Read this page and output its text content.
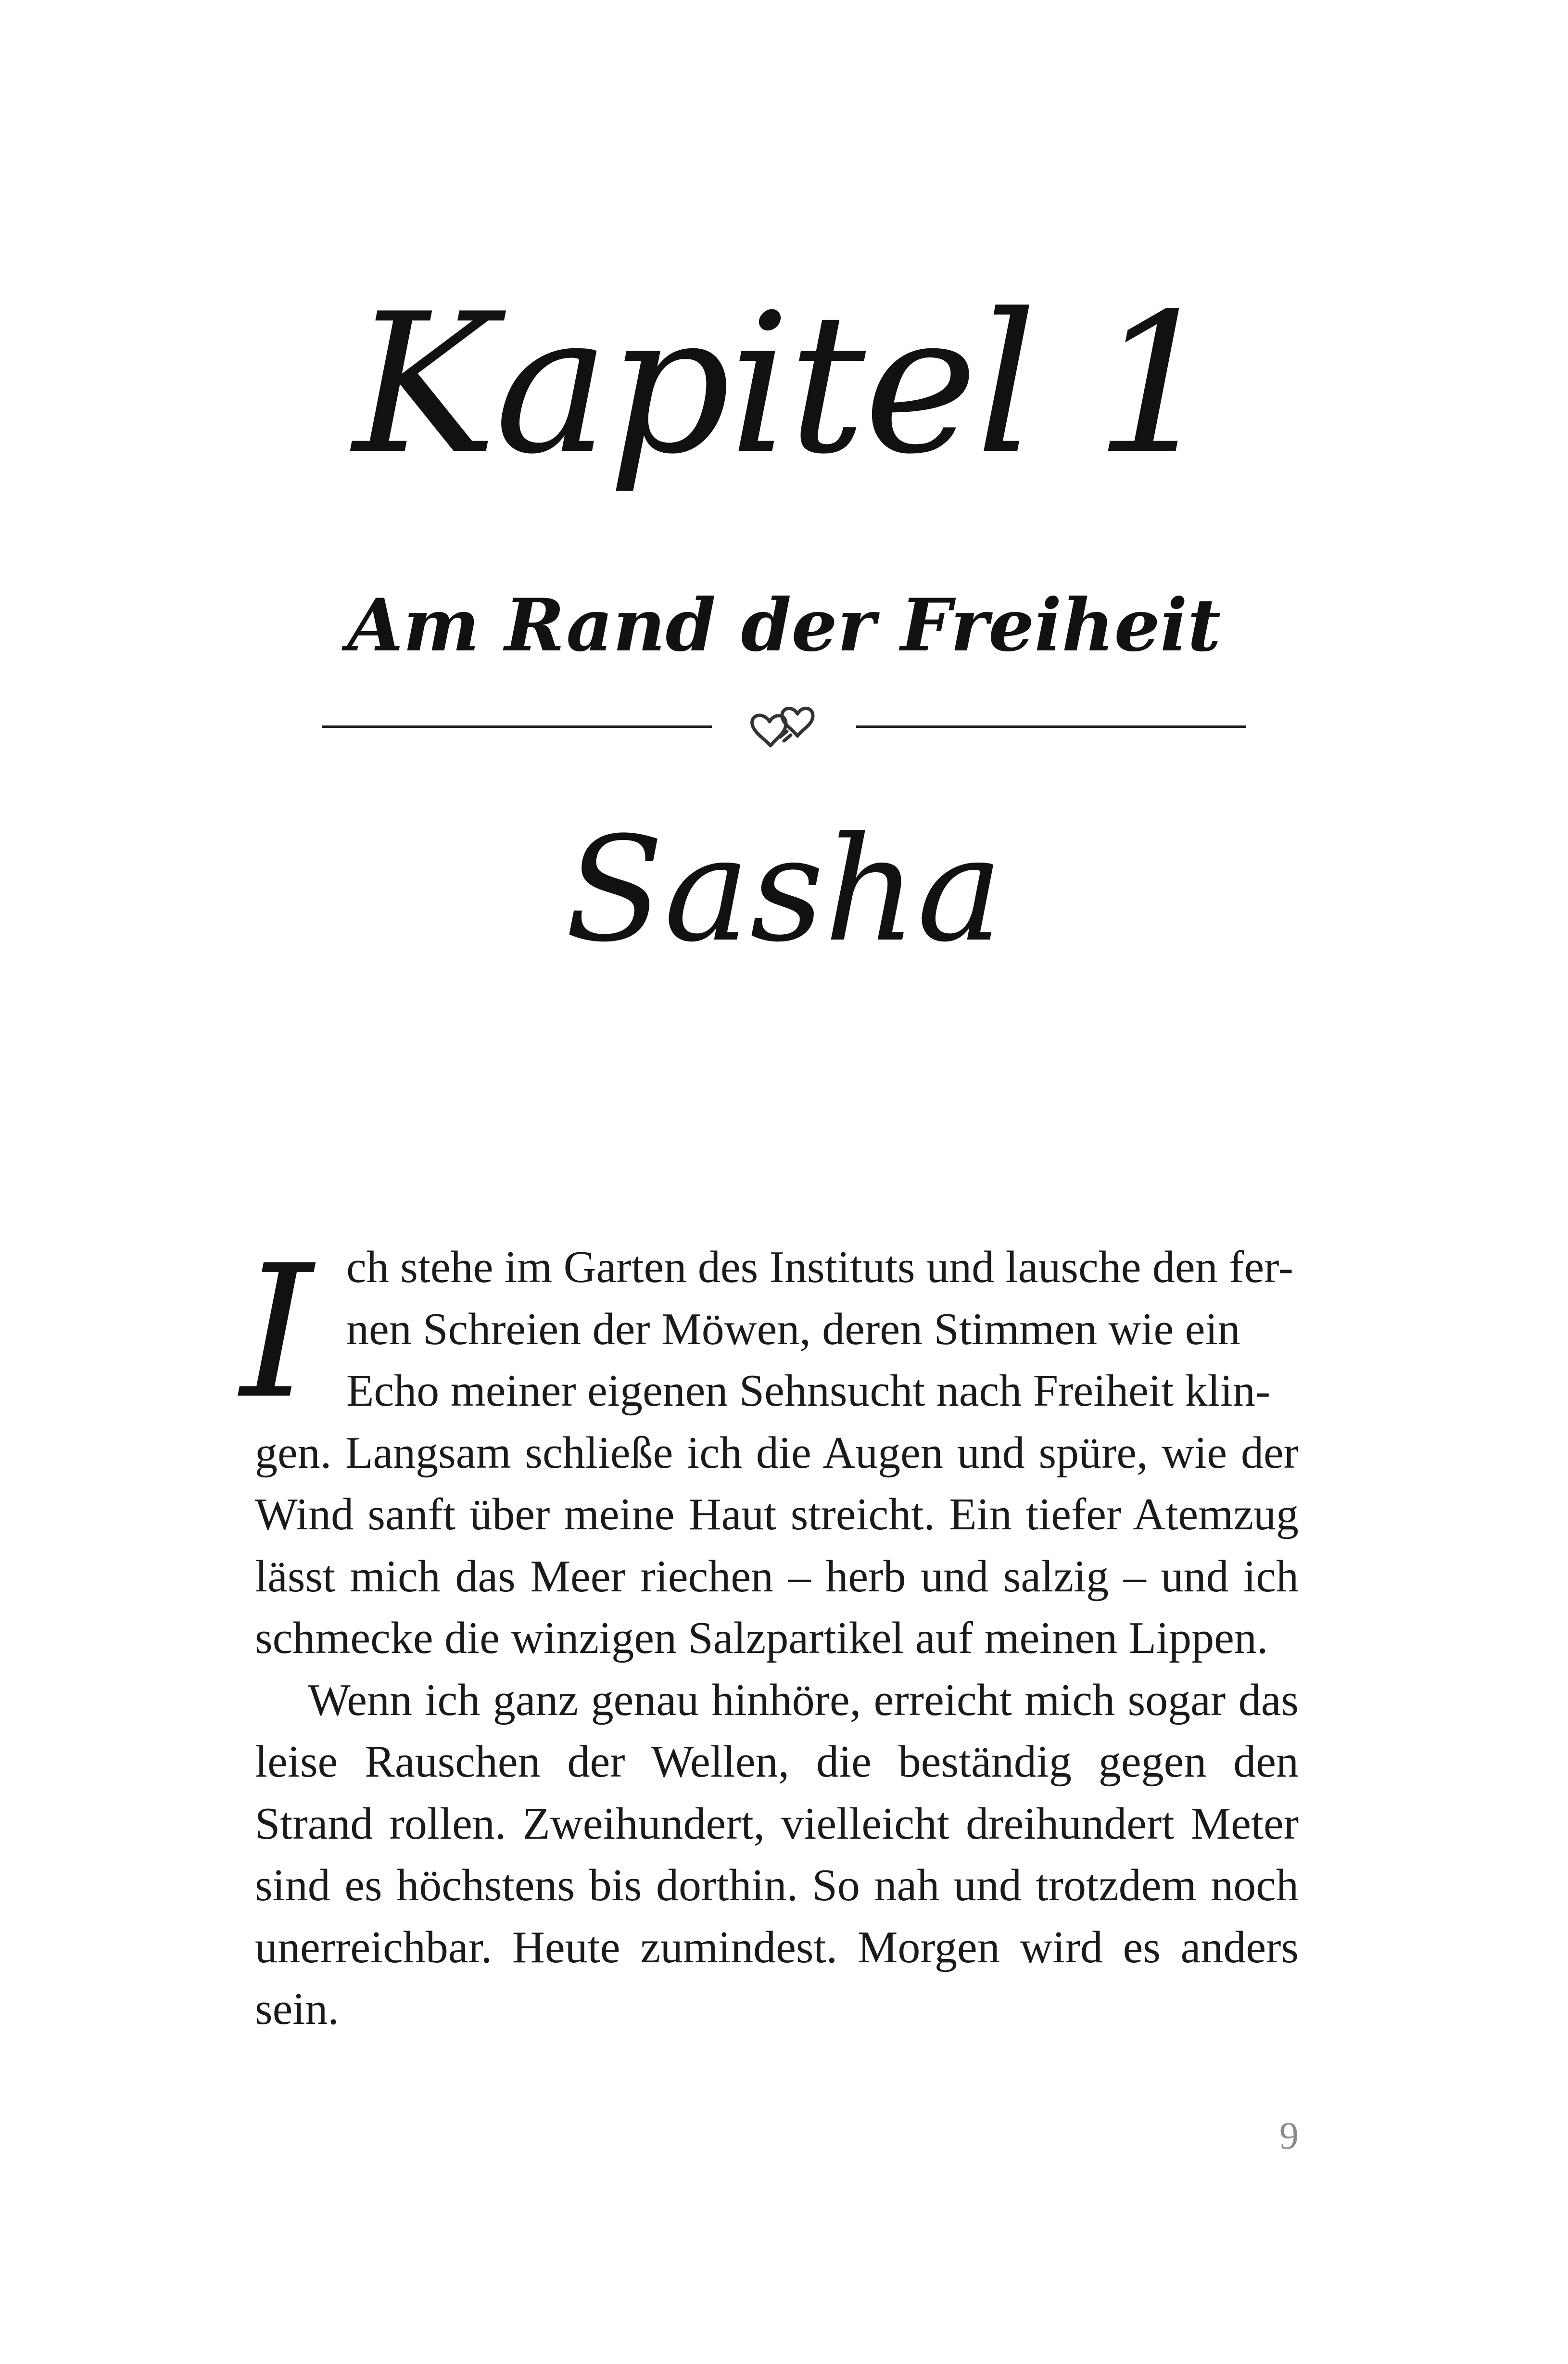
Kapitel 1
Am Rand der Freiheit
Sasha
I ch stehe im Garten des Instituts und lausche den fer-
nen Schreien der Möwen, deren Stimmen wie ein
Echo meiner eigenen Sehnsucht nach Freiheit klin-
gen. Langsam schließe ich die Augen und spüre, wie der Wind sanft über meine Haut streicht. Ein tiefer Atemzug lässt mich das Meer riechen – herb und salzig – und ich schmecke die winzigen Salzpartikel auf meinen Lippen.

Wenn ich ganz genau hinhöre, erreicht mich sogar das leise Rauschen der Wellen, die beständig gegen den Strand rollen. Zweihundert, vielleicht dreihundert Meter sind es höchstens bis dorthin. So nah und trotzdem noch unerreichbar. Heute zumindest. Morgen wird es anders sein.

9
